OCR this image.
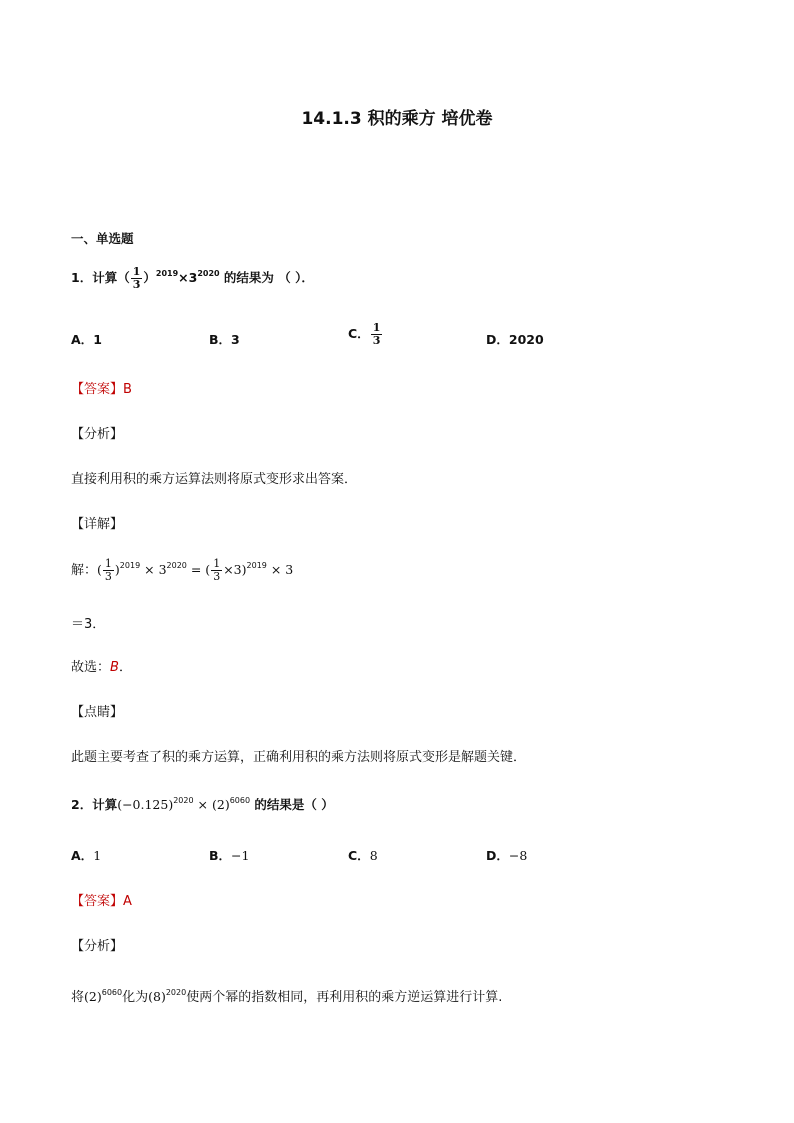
14.1.3 积的乘方 培优卷
一、单选题
1．计算（ $\frac{1}{3} )^{2019}\times 3^{2020}$ 的结果为 （ ）．
A．1	B．3	C． $\frac{1}{3}$	D．2020
【答案】B
【分析】
直接利用积的乘方运算法则将原式变形求出答案．
【详解】
解：( $\frac{1}{3} )^{2019} \times 3^{2020}$ = ( $\frac{1}{3} \times 3)^{2019} \times 3$
＝3．
故选：B．
【点睛】
此题主要考查了积的乘方运算，正确利用积的乘方法则将原式变形是解题关键．
2．计算$(-0.125)^{2020} \times (2)^{6060}$ 的结果是（ ）
A．1	B．−1	C．8	D．−8
【答案】A
【分析】
将$(2)^{6060}$化为$(8)^{2020}$使两个幂的指数相同，再利用积的乘方逆运算进行计算.
